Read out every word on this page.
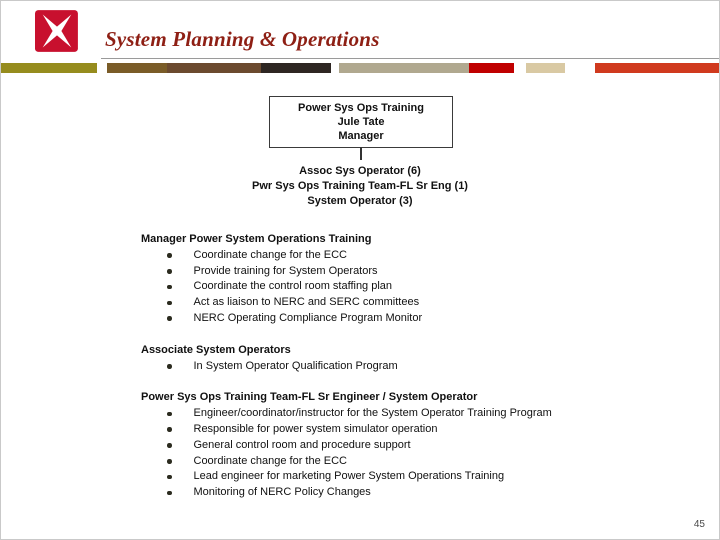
System Planning & Operations
Power Sys Ops Training
Jule Tate
Manager
Assoc Sys Operator (6)
Pwr Sys Ops Training Team-FL Sr Eng (1)
System Operator (3)
Manager Power System Operations Training
Coordinate change for the ECC
Provide training for System Operators
Coordinate the control room staffing plan
Act as liaison to NERC and SERC committees
NERC Operating Compliance Program Monitor
Associate System Operators
In System Operator Qualification Program
Power Sys Ops Training Team-FL Sr Engineer / System Operator
Engineer/coordinator/instructor for the System Operator Training Program
Responsible for power system simulator operation
General control room and procedure support
Coordinate change for the ECC
Lead engineer for marketing Power System Operations Training
Monitoring of NERC Policy Changes
45
